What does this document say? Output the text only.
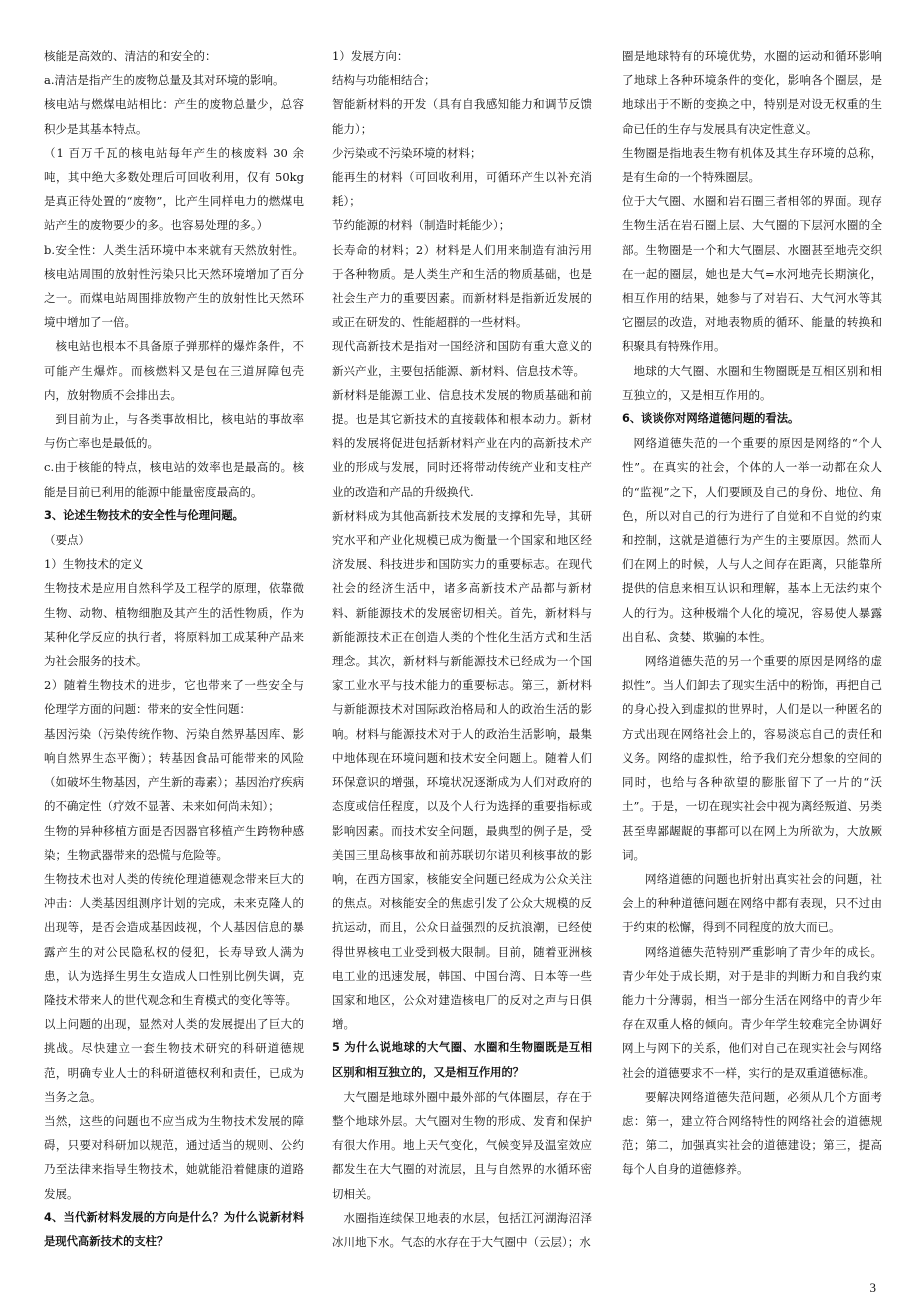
核能是高效的、清洁的和安全的：

a.清洁是指产生的废物总量及其对环境的影响。

核电站与燃煤电站相比：产生的废物总量少，总容积少是其基本特点。

（1 百万千瓦的核电站每年产生的核废料 30 余吨，其中绝大多数处理后可回收利用，仅有 50kg 是真正待处置的“废物”，比产生同样电力的燃煤电站产生的废物要少的多。也容易处理的多。）

b.安全性：人类生活环境中本来就有天然放射性。核电站周围的放射性污染只比天然环境增加了百分之一。而煤电站周围排放物产生的放射性比天然环境中增加了一倍。

核电站也根本不具备原子弹那样的爆炸条件，不可能产生爆炸。而核燃料又是包在三道屏障包壳内，放射物质不会排出去。

到目前为止，与各类事故相比，核电站的事故率与伤亡率也是最低的。

c.由于核能的特点，核电站的效率也是最高的。核能是目前已利用的能源中能量密度最高的。

3、论述生物技术的安全性与伦理问题。

（要点）

1）生物技术的定义

生物技术是应用自然科学及工程学的原理，依靠微生物、动物、植物细胞及其产生的活性物质，作为某种化学反应的执行者，将原料加工成某种产品来为社会服务的技术。

2）随着生物技术的进步，它也带来了一些安全与伦理学方面的问题：带来的安全性问题：

基因污染（污染传统作物、污染自然界基因库、影响自然界生态平衡）；转基因食品可能带来的风险（如破坏生物基因，产生新的毒素）；基因治疗疾病的不确定性（疗效不显著、未来如何尚未知）；

生物的异种移植方面是否因器官移植产生跨物种感染；生物武器带来的恐慌与危险等。

生物技术也对人类的传统伦理道德观念带来巨大的冲击：人类基因组测序计划的完成，未来克隆人的出现等，是否会造成基因歧视，个人基因信息的暴露产生的对公民隐私权的侵犯，长寿导致人满为患，认为选择生男生女造成人口性别比例失调，克隆技术带来人的世代观念和生育模式的变化等等。

以上问题的出现，显然对人类的发展提出了巨大的挑战。尽快建立一套生物技术研究的科研道德规范，明确专业人士的科研道德权利和责任，已成为当务之急。

当然，这些的问题也不应当成为生物技术发展的障碍，只要对科研加以规范，通过适当的规则、公约乃至法律来指导生物技术，她就能沿着健康的道路发展。

4、当代新材料发展的方向是什么？为什么说新材料是现代高新技术的支柱？

1）发展方向：

结构与功能相结合；

智能新材料的开发（具有自我感知能力和调节反馈能力）；

少污染或不污染环境的材料；

能再生的材料（可回收利用，可循环产生以补充消耗）；

节约能源的材料（制造时耗能少）；

长寿命的材料；2）材料是人们用来制造有油污用于各种物质。是人类生产和生活的物质基础，也是社会生产力的重要因素。而新材料是指新近发展的或正在研发的、性能超群的一些材料。

现代高新技术是指对一国经济和国防有重大意义的新兴产业，主要包括能源、新材料、信息技术等。

新材料是能源工业、信息技术发展的物质基础和前提。也是其它新技术的直接载体和根本动力。新材料的发展将促进包括新材料产业在内的高新技术产业的形成与发展，同时还将带动传统产业和支柱产业的改造和产品的升级换代.

新材料成为其他高新技术发展的支撑和先导，其研究水平和产业化规模已成为衡量一个国家和地区经济发展、科技进步和国防实力的重要标志。在现代社会的经济生活中，诸多高新技术产品都与新材料、新能源技术的发展密切相关。首先，新材料与新能源技术正在创造人类的个性化生活方式和生活理念。其次，新材料与新能源技术已经成为一个国家工业水平与技术能力的重要标志。第三，新材料与新能源技术对国际政治格局和人的政治生活的影响。材料与能源技术对于人的政治生活影响，最集中地体现在环境问题和技术安全问题上。随着人们环保意识的增强，环境状况逐渐成为人们对政府的态度或信任程度，以及个人行为选择的重要指标或影响因素。而技术安全问题，最典型的例子是，受美国三里岛核事故和前苏联切尔诺贝利核事故的影响，在西方国家，核能安全问题已经成为公众关注的焦点。对核能安全的焦虑引发了公众大规模的反抗运动，而且，公众日益强烈的反抗浪潮，已经使得世界核电工业受到极大限制。目前，随着亚洲核电工业的迅速发展，韩国、中国台湾、日本等一些国家和地区，公众对建造核电厂的反对之声与日俱增。

5 为什么说地球的大气圈、水圈和生物圈既是互相区别和相互独立的，又是相互作用的？

大气圈是地球外圈中最外部的气体圈层，存在于整个地球外层。大气圈对生物的形成、发育和保护有很大作用。地上天气变化，气候变异及温室效应都发生在大气圈的对流层，且与自然界的水循环密切相关。

水圈指连续保卫地表的水层，包括江河湖海沼泽冰川地下水。气态的水存在于大气圈中（云层）；水

圈是地球特有的环境优势，水圈的运动和循环影响了地球上各种环境条件的变化，影响各个圈层，是地球出于不断的变换之中，特别是对设无权重的生命已任的生存与发展具有决定性意义。

生物圈是指地表生物有机体及其生存环境的总称，是有生命的一个特殊圈层。

位于大气圈、水圈和岩石圈三者相邻的界面。现存生物生活在岩石圈上层、大气圈的下层河水圈的全部。生物圈是一个和大气圈层、水圈甚至地壳交织在一起的圈层，她也是大气=水河地壳长期演化，相互作用的结果，她参与了对岩石、大气河水等其它圈层的改造，对地表物质的循环、能量的转换和积聚具有特殊作用。

地球的大气圈、水圈和生物圈既是互相区别和相互独立的，又是相互作用的。

6、谈谈你对网络道德问题的看法。

网络道德失范的一个重要的原因是网络的“个人性”。在真实的社会，个体的人一举一动都在众人的“监视”之下，人们要顾及自己的身份、地位、角色，所以对自己的行为进行了自觉和不自觉的约束和控制，这就是道德行为产生的主要原因。然而人们在网上的时候，人与人之间存在距离，只能靠所提供的信息来相互认识和理解，基本上无法约束个人的行为。这种极端个人化的境况，容易使人暴露出自私、贪婪、欺骗的本性。

网络道德失范的另一个重要的原因是网络的虚拟性”。当人们卸去了现实生活中的粉饰，再把自己的身心投入到虚拟的世界时，人们是以一种匿名的方式出现在网络社会上的，容易淡忘自己的责任和义务。网络的虚拟性，给予我们充分想象的空间的同时，也给与各种欲望的膨胀留下了一片的“沃土”。于是，一切在现实社会中视为离经叛道、另类甚至卑鄙龌龊的事都可以在网上为所欲为，大放厥词。

网络道德的问题也折射出真实社会的问题，社会上的种种道德问题在网络中都有表现，只不过由于约束的松懈，得到不同程度的放大而已。

网络道德失范特别严重影响了青少年的成长。青少年处于成长期，对于是非的判断力和自我约束能力十分薄弱，相当一部分生活在网络中的青少年存在双重人格的倾向。青少年学生较难完全协调好网上与网下的关系，他们对自己在现实社会与网络社会的道德要求不一样，实行的是双重道德标准。

要解决网络道德失范问题，必须从几个方面考虑：第一，建立符合网络特性的网络社会的道德规范；第二，加强真实社会的道德建设；第三，提高每个人自身的道德修养。

3
